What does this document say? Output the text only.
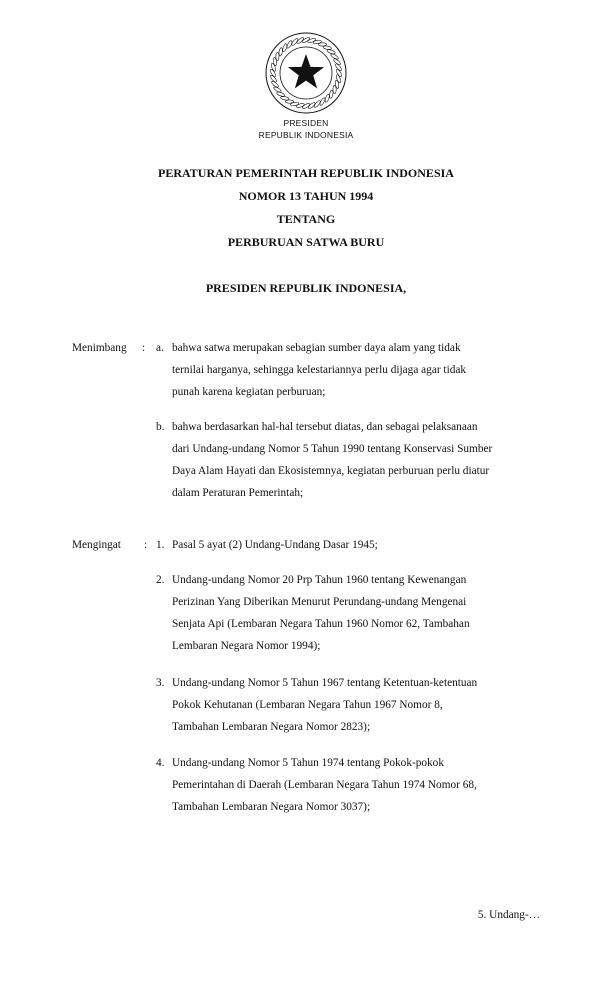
PRESIDEN
REPUBLIK INDONESIA
PERATURAN PEMERINTAH REPUBLIK INDONESIA
NOMOR 13 TAHUN 1994
TENTANG
PERBURUAN SATWA BURU
PRESIDEN REPUBLIK INDONESIA,
Menimbang : a. bahwa satwa merupakan sebagian sumber daya alam yang tidak
ternilai harganya, sehingga kelestariannya perlu dijaga agar tidak
punah karena kegiatan perburuan;
b. bahwa berdasarkan hal-hal tersebut diatas, dan sebagai pelaksanaan
dari Undang-undang Nomor 5 Tahun 1990 tentang Konservasi Sumber
Daya Alam Hayati dan Ekosistemnya, kegiatan perburuan perlu diatur
dalam Peraturan Pemerintah;
Mengingat : 1. Pasal 5 ayat (2) Undang-Undang Dasar 1945;
2. Undang-undang Nomor 20 Prp Tahun 1960 tentang Kewenangan
Perizinan Yang Diberikan Menurut Perundang-undang Mengenai
Senjata Api (Lembaran Negara Tahun 1960 Nomor 62, Tambahan
Lembaran Negara Nomor 1994);
3. Undang-undang Nomor 5 Tahun 1967 tentang Ketentuan-ketentuan
Pokok Kehutanan (Lembaran Negara Tahun 1967 Nomor 8,
Tambahan Lembaran Negara Nomor 2823);
4. Undang-undang Nomor 5 Tahun 1974 tentang Pokok-pokok
Pemerintahan di Daerah (Lembaran Negara Tahun 1974 Nomor 68,
Tambahan Lembaran Negara Nomor 3037);
5. Undang-…
